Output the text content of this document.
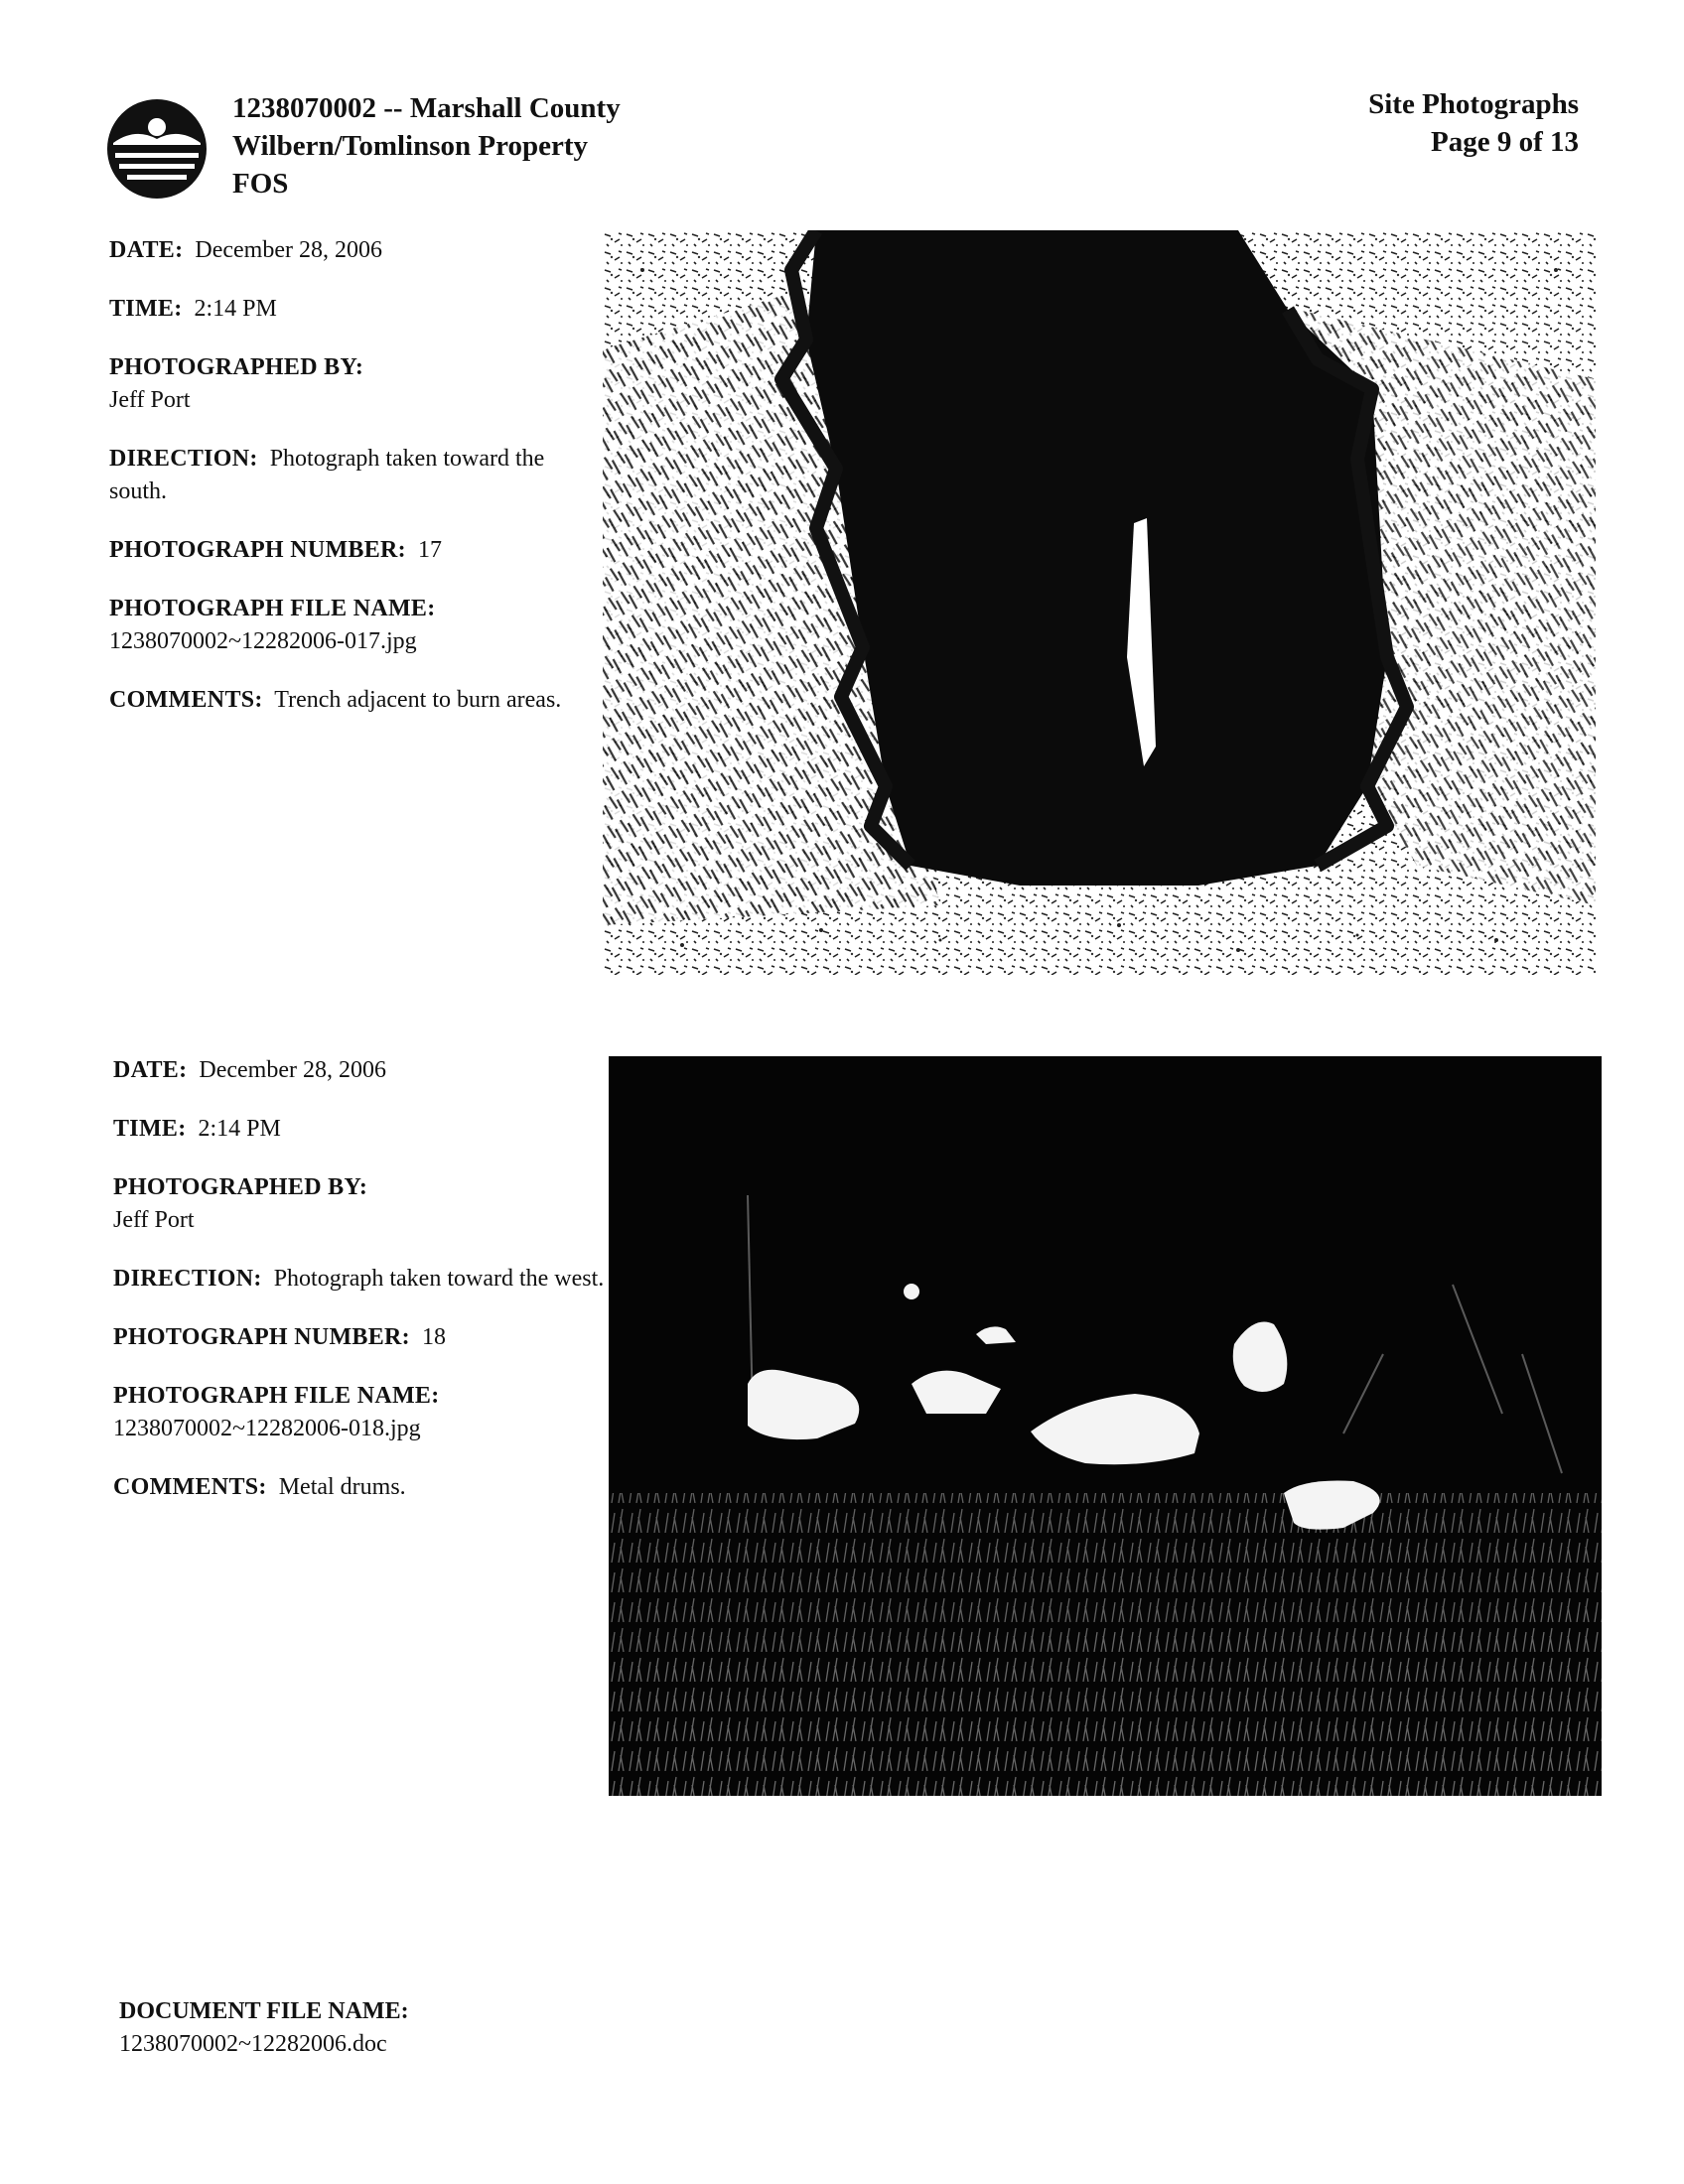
1238070002 -- Marshall County
Wilbern/Tomlinson Property
FOS
Site Photographs
Page 9 of 13
DATE: December 28, 2006
TIME: 2:14 PM
PHOTOGRAPHED BY:
Jeff Port
DIRECTION: Photograph taken toward the south.
PHOTOGRAPH NUMBER: 17
PHOTOGRAPH FILE NAME:
1238070002~12282006-017.jpg
COMMENTS: Trench adjacent to burn areas.
DATE: December 28, 2006
TIME: 2:14 PM
PHOTOGRAPHED BY:
Jeff Port
DIRECTION: Photograph taken toward the west.
PHOTOGRAPH NUMBER: 18
PHOTOGRAPH FILE NAME:
1238070002~12282006-018.jpg
COMMENTS: Metal drums.
DOCUMENT FILE NAME:
1238070002~12282006.doc
